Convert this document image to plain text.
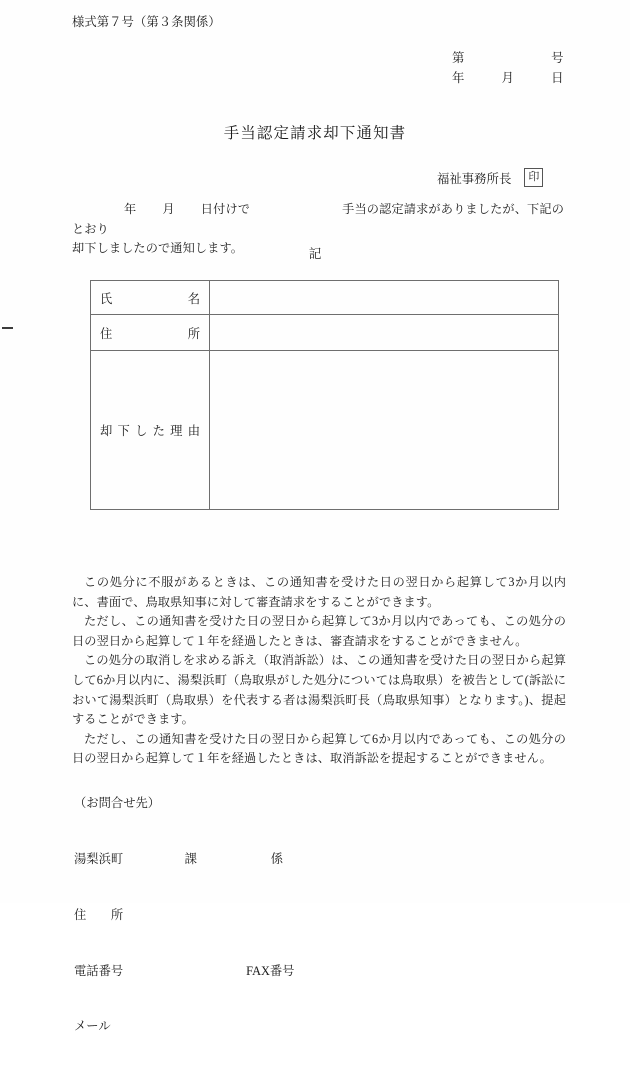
様式第７号（第３条関係）
第　　　　　　　号
年　　　月　　　日
手当認定請求却下通知書
福祉事務所長	印
年 月 日付けで	手当の認定請求がありましたが、下記のとおり
却下しましたので通知します。	記
氏名	
住所	
却下した理由	

この処分に不服があるときは、この通知書を受けた日の翌日から起算して3か月以内に、書面で、鳥取県知事に対して審査請求をすることができます。

ただし、この通知書を受けた日の翌日から起算して3か月以内であっても、この処分の日の翌日から起算して１年を経過したときは、審査請求をすることができません。

この処分の取消しを求める訴え（取消訴訟）は、この通知書を受けた日の翌日から起算して6か月以内に、湯梨浜町（鳥取県がした処分については鳥取県）を被告として(訴訟において湯梨浜町（鳥取県）を代表する者は湯梨浜町長（鳥取県知事）となります。)、提起することができます。

ただし、この通知書を受けた日の翌日から起算して6か月以内であっても、この処分の日の翌日から起算して１年を経過したときは、取消訴訟を提起することができません。

（お問合せ先）

湯梨浜町　　　　　課　　　　　　係

住　　所

電話番号　　　　　　　　　　FAX番号

メール
